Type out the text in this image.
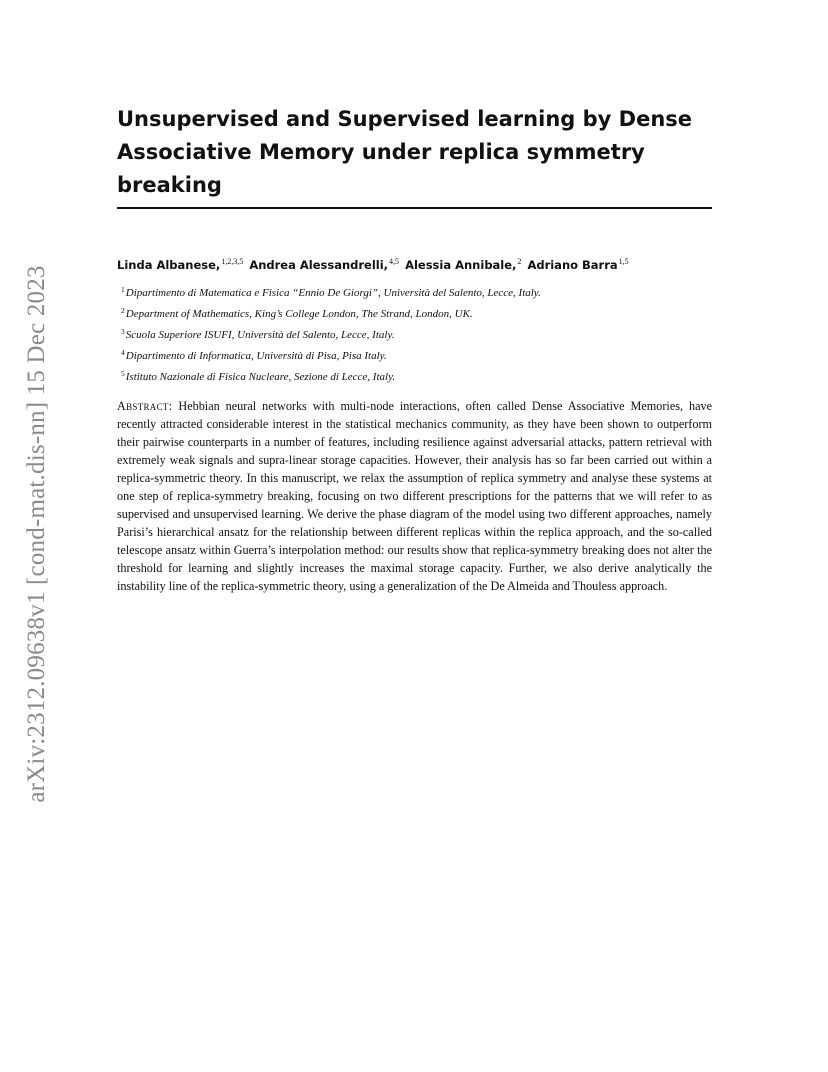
arXiv:2312.09638v1 [cond-mat.dis-nn] 15 Dec 2023
Unsupervised and Supervised learning by Dense
Associative Memory under replica symmetry breaking
Linda Albanese,$^{1,2,3,5}$ Andrea Alessandrelli,$^{4,5}$ Alessia Annibale,$^2$ Adriano Barra$^{1,5}$
$^1$Dipartimento di Matematica e Fisica “Ennio De Giorgi”, Università del Salento, Lecce, Italy.
$^2$Department of Mathematics, King’s College London, The Strand, London, UK.
$^3$Scuola Superiore ISUFI, Università del Salento, Lecce, Italy.
$^4$Dipartimento di Informatica, Università di Pisa, Pisa Italy.
$^5$Istituto Nazionale di Fisica Nucleare, Sezione di Lecce, Italy.

Abstract: Hebbian neural networks with multi-node interactions, often called Dense Associative Memories, have recently attracted considerable interest in the statistical mechanics community, as they have been shown to outperform their pairwise counterparts in a number of features, including resilience against adversarial attacks, pattern retrieval with extremely weak signals and supra-linear storage capacities. However, their analysis has so far been carried out within a replica-symmetric theory. In this manuscript, we relax the assumption of replica symmetry and analyse these systems at one step of replica-symmetry breaking, focusing on two different prescriptions for the patterns that we will refer to as supervised and unsupervised learning. We derive the phase diagram of the model using two different approaches, namely Parisi’s hierarchical ansatz for the relationship between different replicas within the replica approach, and the so-called telescope ansatz within Guerra’s interpolation method: our results show that replica-symmetry breaking does not alter the threshold for learning and slightly increases the maximal storage capacity. Further, we also derive analytically the instability line of the replica-symmetric theory, using a generalization of the De Almeida and Thouless approach.
